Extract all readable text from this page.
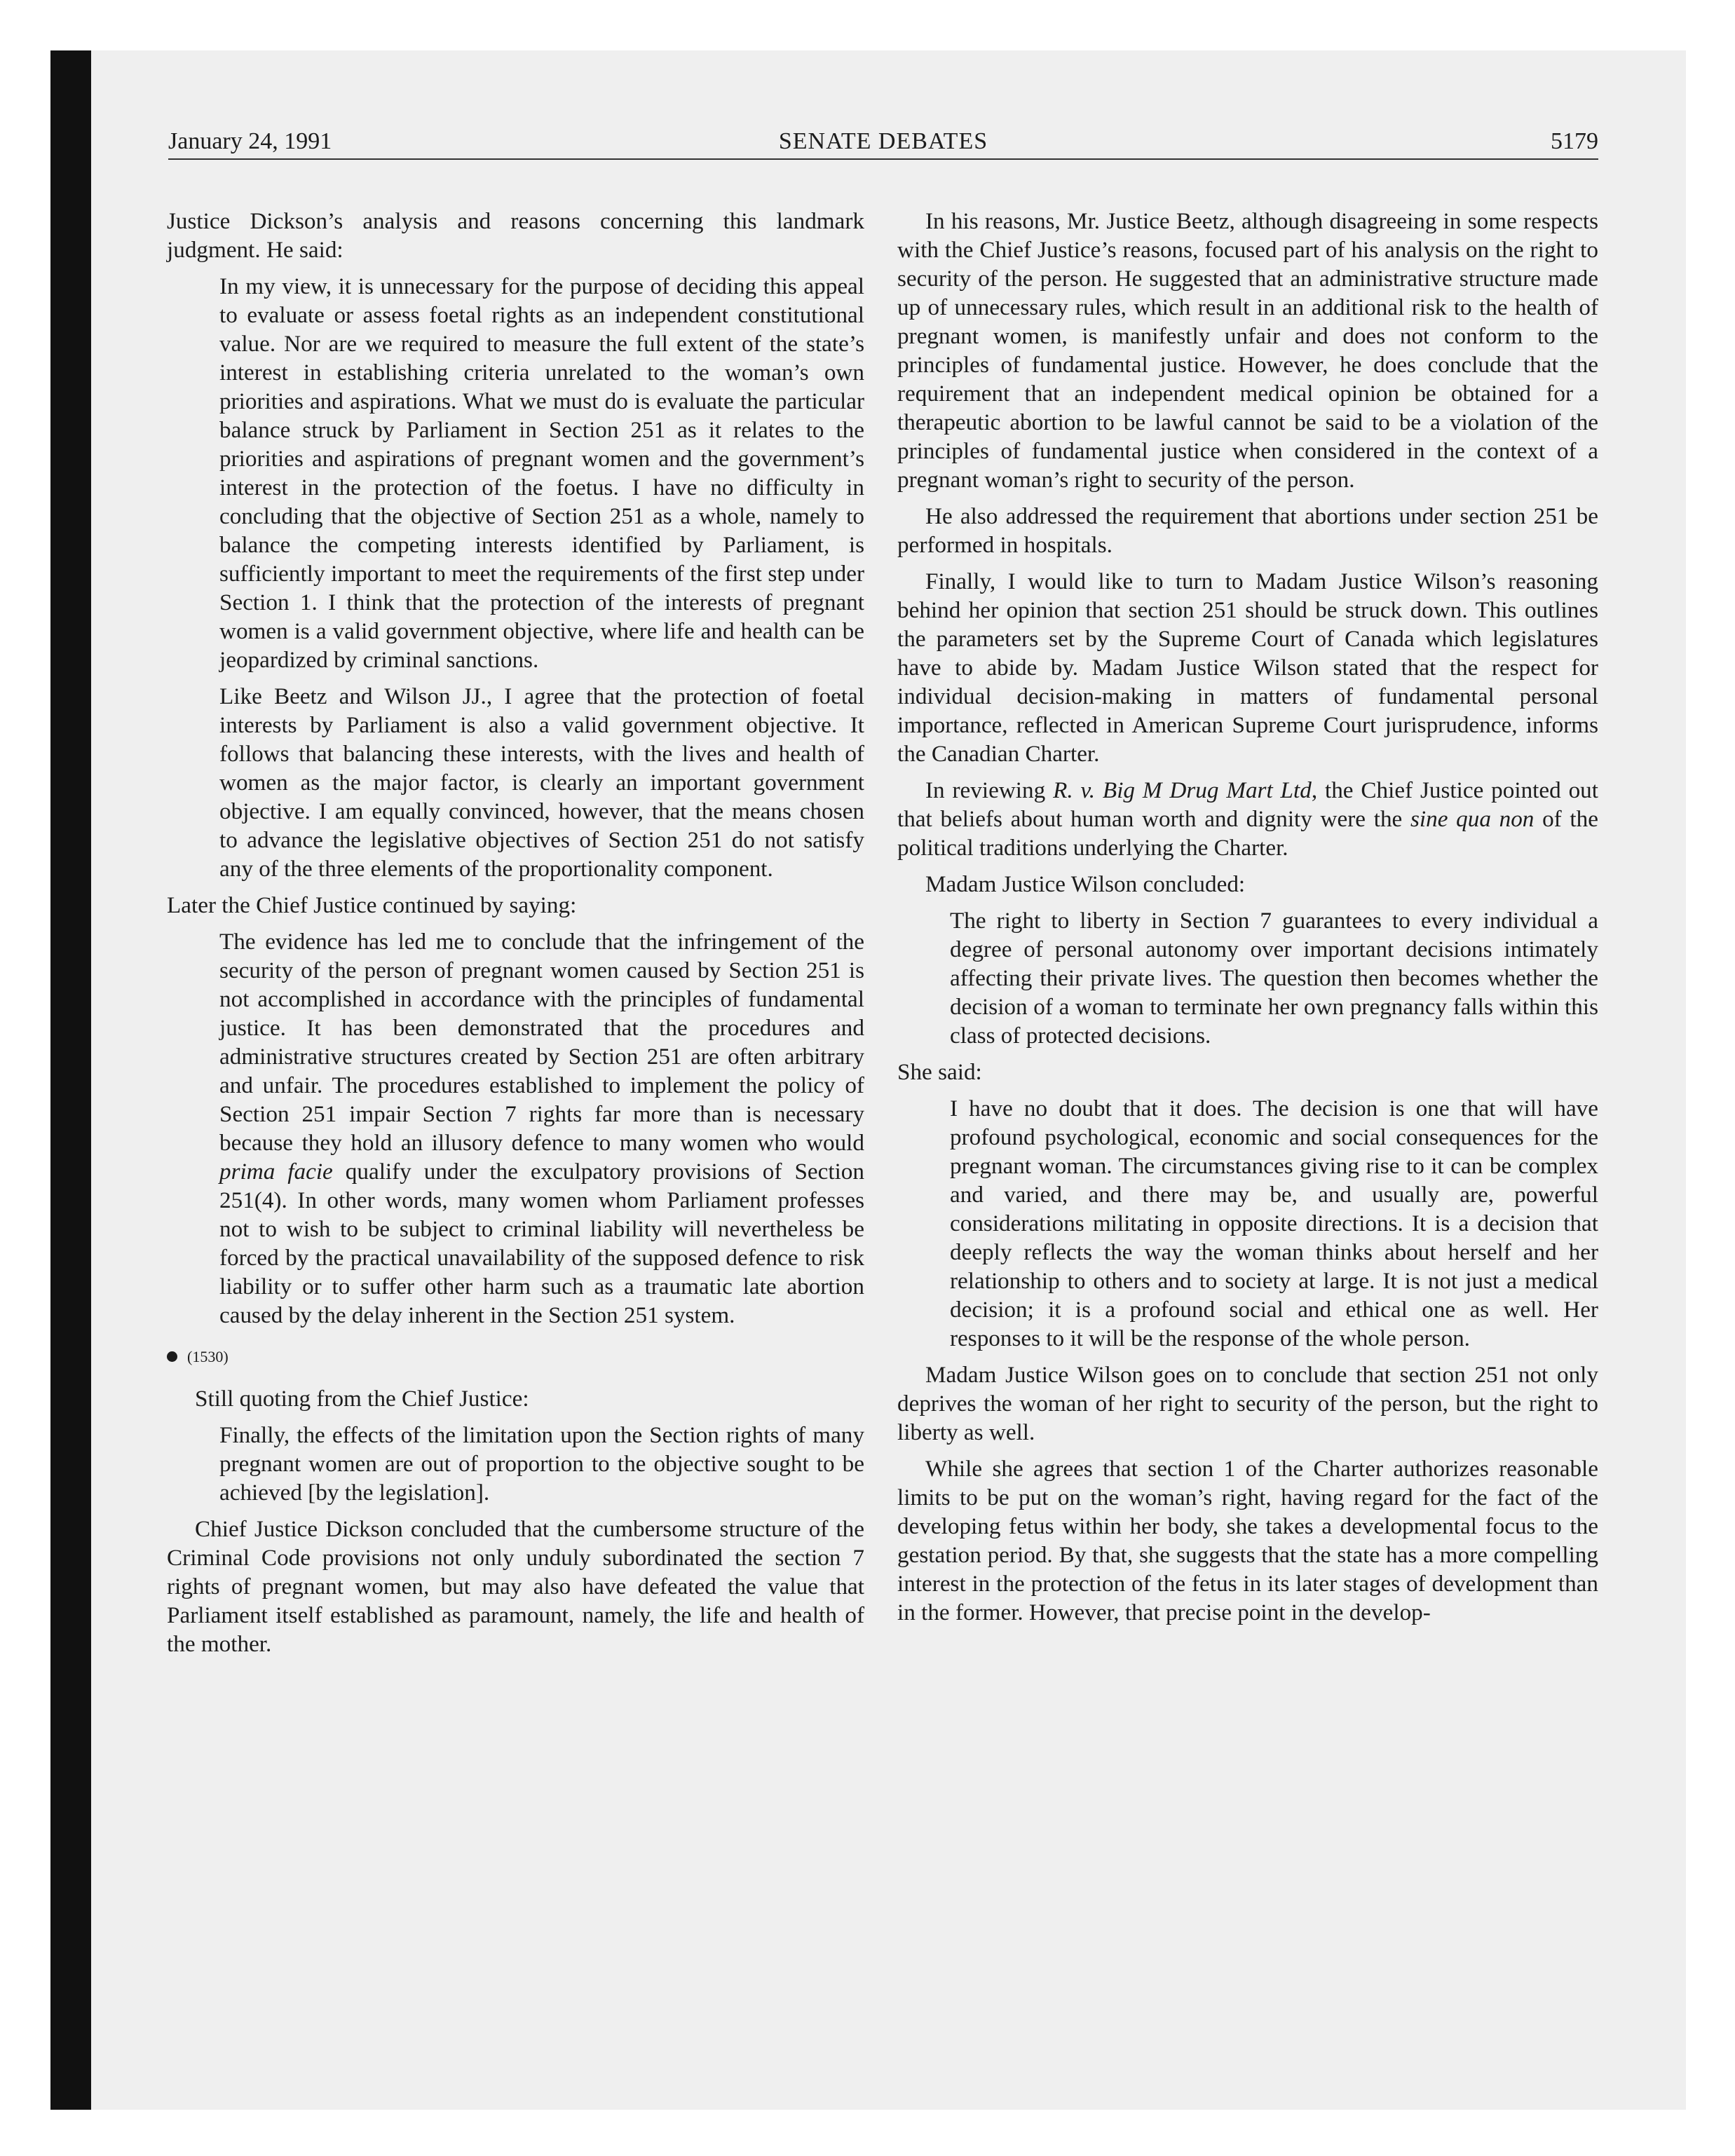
January 24, 1991	SENATE DEBATES	5179

Justice Dickson’s analysis and reasons concerning this landmark judgment. He said:

In my view, it is unnecessary for the purpose of deciding this appeal to evaluate or assess foetal rights as an independent constitutional value. Nor are we required to measure the full extent of the state’s interest in establishing criteria unrelated to the woman’s own priorities and aspirations. What we must do is evaluate the particular balance struck by Parliament in Section 251 as it relates to the priorities and aspirations of pregnant women and the government’s interest in the protection of the foetus. I have no difficulty in concluding that the objective of Section 251 as a whole, namely to balance the competing interests identified by Parliament, is sufficiently important to meet the requirements of the first step under Section 1. I think that the protection of the interests of pregnant women is a valid government objective, where life and health can be jeopardized by criminal sanctions.

Like Beetz and Wilson JJ., I agree that the protection of foetal interests by Parliament is also a valid government objective. It follows that balancing these interests, with the lives and health of women as the major factor, is clearly an important government objective. I am equally convinced, however, that the means chosen to advance the legislative objectives of Section 251 do not satisfy any of the three elements of the proportionality component.

Later the Chief Justice continued by saying:

The evidence has led me to conclude that the infringement of the security of the person of pregnant women caused by Section 251 is not accomplished in accordance with the principles of fundamental justice. It has been demonstrated that the procedures and administrative structures created by Section 251 are often arbitrary and unfair. The procedures established to implement the policy of Section 251 impair Section 7 rights far more than is necessary because they hold an illusory defence to many women who would prima facie qualify under the exculpatory provisions of Section 251(4). In other words, many women whom Parliament professes not to wish to be subject to criminal liability will nevertheless be forced by the practical unavailability of the supposed defence to risk liability or to suffer other harm such as a traumatic late abortion caused by the delay inherent in the Section 251 system.

(1530)

Still quoting from the Chief Justice:

Finally, the effects of the limitation upon the Section rights of many pregnant women are out of proportion to the objective sought to be achieved [by the legislation].

Chief Justice Dickson concluded that the cumbersome structure of the Criminal Code provisions not only unduly subordinated the section 7 rights of pregnant women, but may also have defeated the value that Parliament itself established as paramount, namely, the life and health of the mother.

In his reasons, Mr. Justice Beetz, although disagreeing in some respects with the Chief Justice’s reasons, focused part of his analysis on the right to security of the person. He suggested that an administrative structure made up of unnecessary rules, which result in an additional risk to the health of pregnant women, is manifestly unfair and does not conform to the principles of fundamental justice. However, he does conclude that the requirement that an independent medical opinion be obtained for a therapeutic abortion to be lawful cannot be said to be a violation of the principles of fundamental justice when considered in the context of a pregnant woman’s right to security of the person.

He also addressed the requirement that abortions under section 251 be performed in hospitals.

Finally, I would like to turn to Madam Justice Wilson’s reasoning behind her opinion that section 251 should be struck down. This outlines the parameters set by the Supreme Court of Canada which legislatures have to abide by. Madam Justice Wilson stated that the respect for individual decision-making in matters of fundamental personal importance, reflected in American Supreme Court jurisprudence, informs the Canadian Charter.

In reviewing R. v. Big M Drug Mart Ltd, the Chief Justice pointed out that beliefs about human worth and dignity were the sine qua non of the political traditions underlying the Charter.

Madam Justice Wilson concluded:

The right to liberty in Section 7 guarantees to every individual a degree of personal autonomy over important decisions intimately affecting their private lives. The question then becomes whether the decision of a woman to terminate her own pregnancy falls within this class of protected decisions.

She said:

I have no doubt that it does. The decision is one that will have profound psychological, economic and social consequences for the pregnant woman. The circumstances giving rise to it can be complex and varied, and there may be, and usually are, powerful considerations militating in opposite directions. It is a decision that deeply reflects the way the woman thinks about herself and her relationship to others and to society at large. It is not just a medical decision; it is a profound social and ethical one as well. Her responses to it will be the response of the whole person.

Madam Justice Wilson goes on to conclude that section 251 not only deprives the woman of her right to security of the person, but the right to liberty as well.

While she agrees that section 1 of the Charter authorizes reasonable limits to be put on the woman’s right, having regard for the fact of the developing fetus within her body, she takes a developmental focus to the gestation period. By that, she suggests that the state has a more compelling interest in the protection of the fetus in its later stages of development than in the former. However, that precise point in the develop-
